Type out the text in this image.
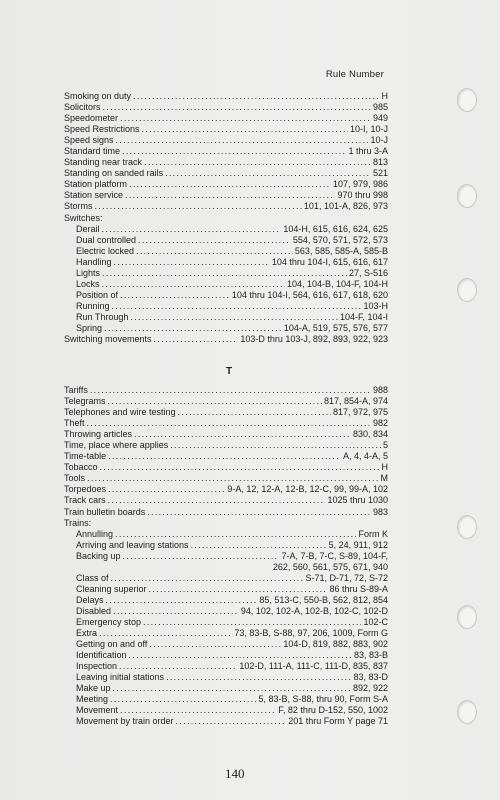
Rule Number
Smoking on duty .....	H
Solicitors .....	985
Speedometer .....	949
Speed Restrictions .....	10-I, 10-J
Speed signs .....	10-J
Standard time .....	1 thru 3-A
Standing near track .....	813
Standing on sanded rails .....	521
Station platform .....	107, 979, 986
Station service .....	970 thru 998
Storms .....	101, 101-A, 826, 973
Switches:
Derail .....	104-H, 615, 616, 624, 625
Dual controlled .....	554, 570, 571, 572, 573
Electric locked .....	563, 585, 585-A, 585-B
Handling .....	104 thru 104-I, 615, 616, 617
Lights .....	27, S-516
Locks .....	104, 104-B, 104-F, 104-H
Position of .....	104 thru 104-I, 564, 616, 617, 618, 620
Running .....	103-H
Run Through .....	104-F, 104-I
Spring .....	104-A, 519, 575, 576, 577
Switching movements .....	103-D thru 103-J, 892, 893, 922, 923
T
Tariffs .....	988
Telegrams .....	817, 854-A, 974
Telephones and wire testing .....	817, 972, 975
Theft .....	982
Throwing articles .....	830, 834
Time, place where applies .....	5
Time-table .....	A, 4, 4-A, 5
Tobacco .....	H
Tools .....	M
Torpedoes .....	9-A, 12, 12-A, 12-B, 12-C, 99, 99-A, 102
Track cars .....	1025 thru 1030
Train bulletin boards .....	983
Trains:
Annulling .....	Form K
Arriving and leaving stations .....	5, 24, 911, 912
Backing up .....	7-A, 7-B, 7-C, S-89, 104-F,
262, 560, 561, 575, 671, 940
Class of .....	S-71, D-71, 72, S-72
Cleaning superior .....	86 thru S-89-A
Delays .....	85, 513-C, 550-B, 562, 812, 854
Disabled .....	94, 102, 102-A, 102-B, 102-C, 102-D
Emergency stop .....	102-C
Extra .....	73, 83-B, S-88, 97, 206, 1009, Form G
Getting on and off .....	104-D, 819, 882, 883, 902
Identification .....	83, 83-B
Inspection .....	102-D, 111-A, 111-C, 111-D, 835, 837
Leaving initial stations .....	83, 83-D
Make up .....	892, 922
Meeting .....	5, 83-B, S-88, thru 90, Form S-A
Movement .....	F, 82 thru D-152, 550, 1002
Movement by train order .....	201 thru Form Y page 71
140
